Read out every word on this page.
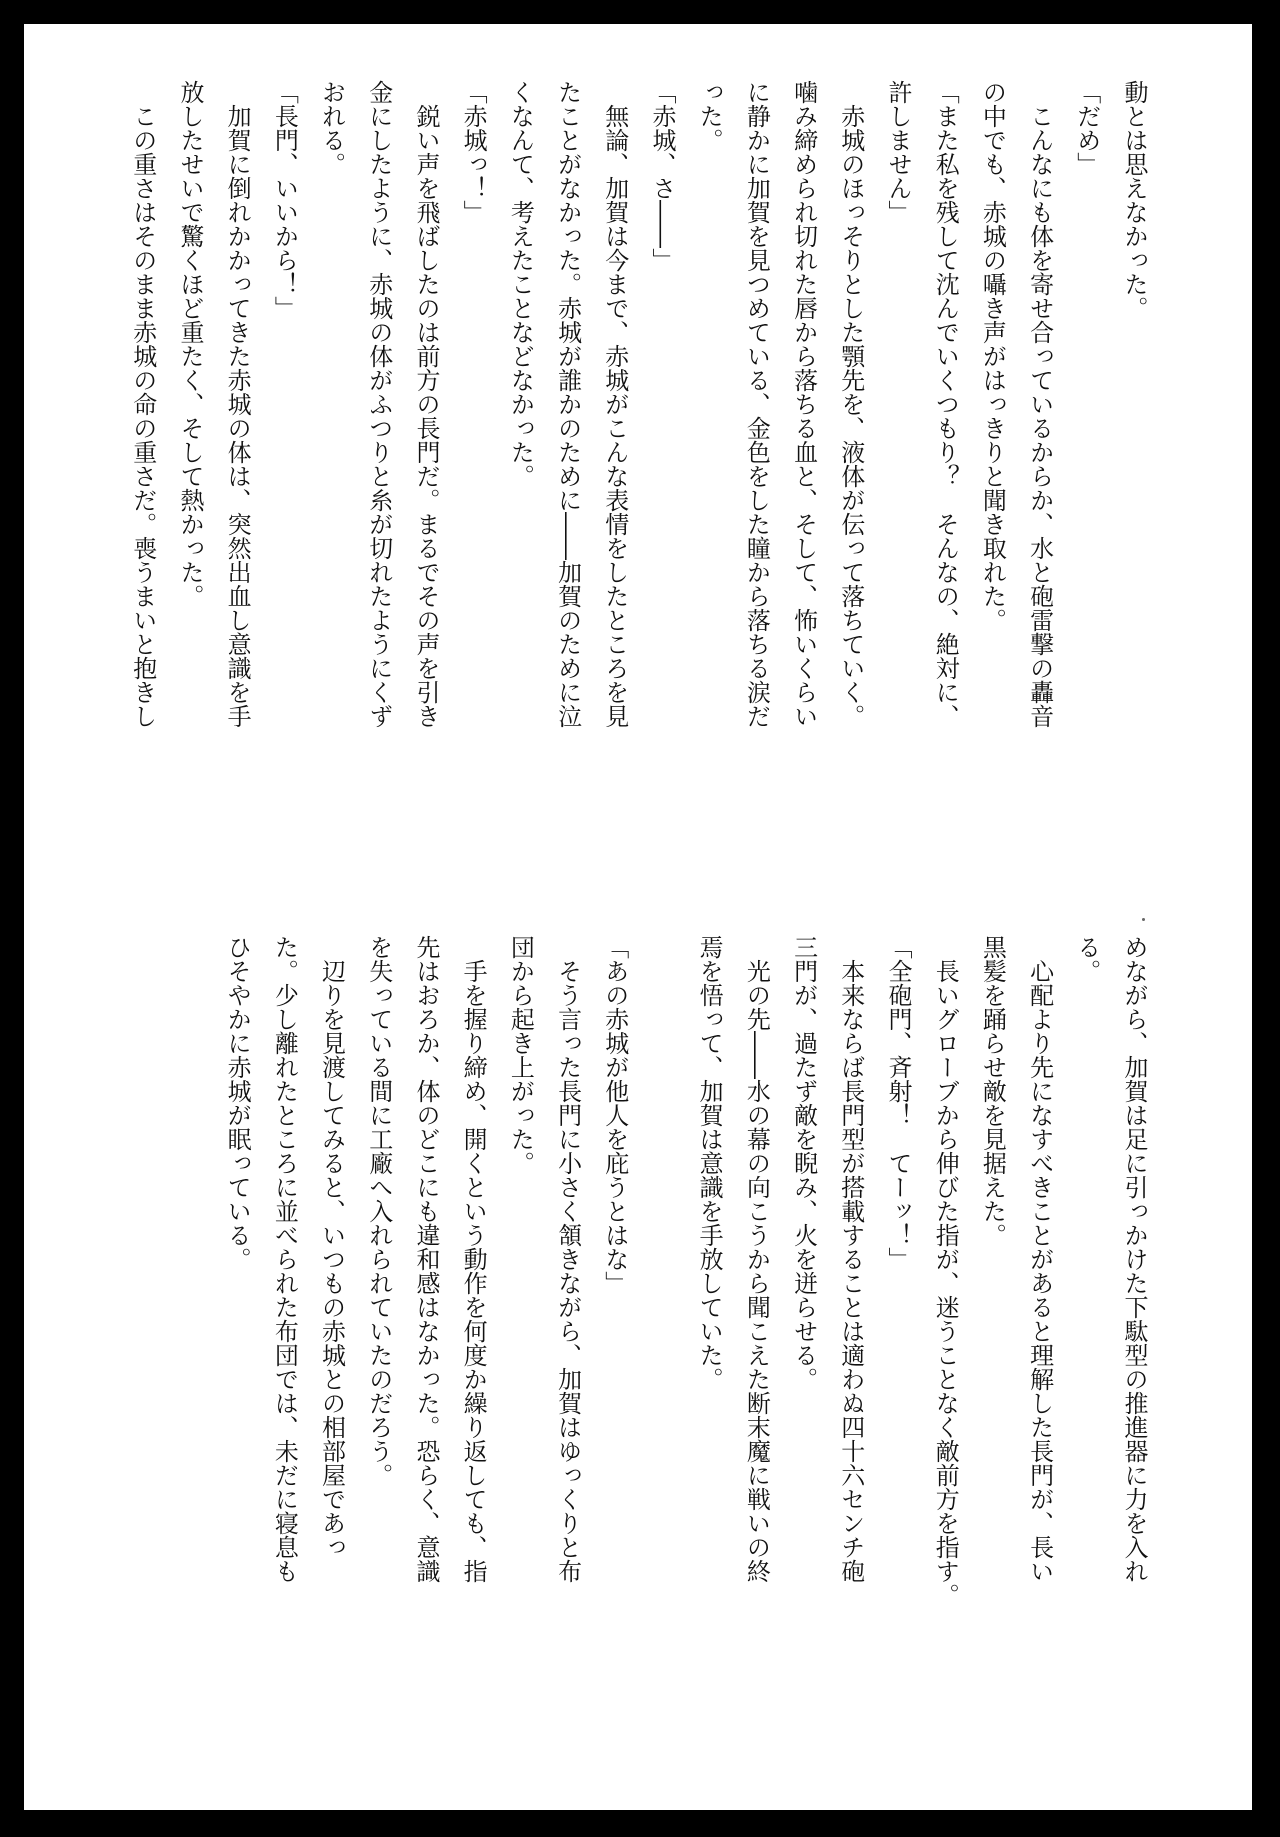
動とは思えなかった。

「だめ」

　こんなにも体を寄せ合っているからか、水と砲雷撃の轟音

の中でも、赤城の囁き声がはっきりと聞き取れた。

「また私を残して沈んでいくつもり？　そんなの、絶対に、

許しません」

　赤城のほっそりとした顎先を、液体が伝って落ちていく。

噛み締められ切れた唇から落ちる血と、そして、怖いくらい

に静かに加賀を見つめている、金色をした瞳から落ちる涙だ

った。

「赤城、さ――」

　無論、加賀は今まで、赤城がこんな表情をしたところを見

たことがなかった。赤城が誰かのために――加賀のために泣

くなんて、考えたことなどなかった。

「赤城っ！」

　鋭い声を飛ばしたのは前方の長門だ。まるでその声を引き

金にしたように、赤城の体がふつりと糸が切れたようにくず

おれる。

「長門、いいから！」

　加賀に倒れかかってきた赤城の体は、突然出血し意識を手

放したせいで驚くほど重たく、そして熱かった。

　この重さはそのまま赤城の命の重さだ。喪うまいと抱きし

めながら、加賀は足に引っかけた下駄型の推進器に力を入れ

る。

　心配より先になすべきことがあると理解した長門が、長い

黒髪を踊らせ敵を見据えた。

　長いグローブから伸びた指が、迷うことなく敵前方を指す。

「全砲門、斉射！　てーッ！」

　本来ならば長門型が搭載することは適わぬ四十六センチ砲

三門が、過たず敵を睨み、火を迸らせる。

　光の先――水の幕の向こうから聞こえた断末魔に戦いの終

焉を悟って、加賀は意識を手放していた。

「あの赤城が他人を庇うとはな」

　そう言った長門に小さく頷きながら、加賀はゆっくりと布

団から起き上がった。

　手を握り締め、開くという動作を何度か繰り返しても、指

先はおろか、体のどこにも違和感はなかった。恐らく、意識

を失っている間に工廠へ入れられていたのだろう。

　辺りを見渡してみると、いつもの赤城との相部屋であっ

た。少し離れたところに並べられた布団では、未だに寝息も

ひそやかに赤城が眠っている。
